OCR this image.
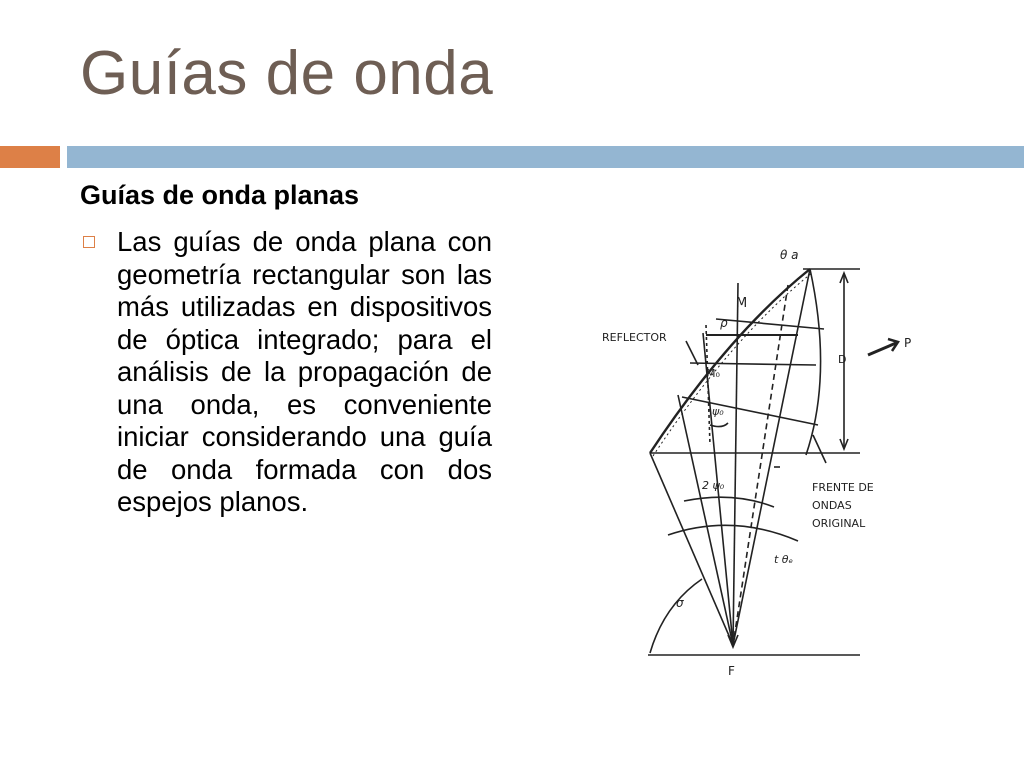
Guías de onda
Guías de onda planas
Las guías de onda plana con geometría rectangular son las más utilizadas en dispositivos de óptica integrado; para el análisis de la propagación de una onda, es conveniente iniciar considerando una guía de onda formada con dos espejos planos.
θ a
M
ρ
REFLECTOR
M₀
ψ₀
D
P
2 ψ₀	FRENTE DE
ONDAS
ORIGINAL
t θₑ
σ
F
